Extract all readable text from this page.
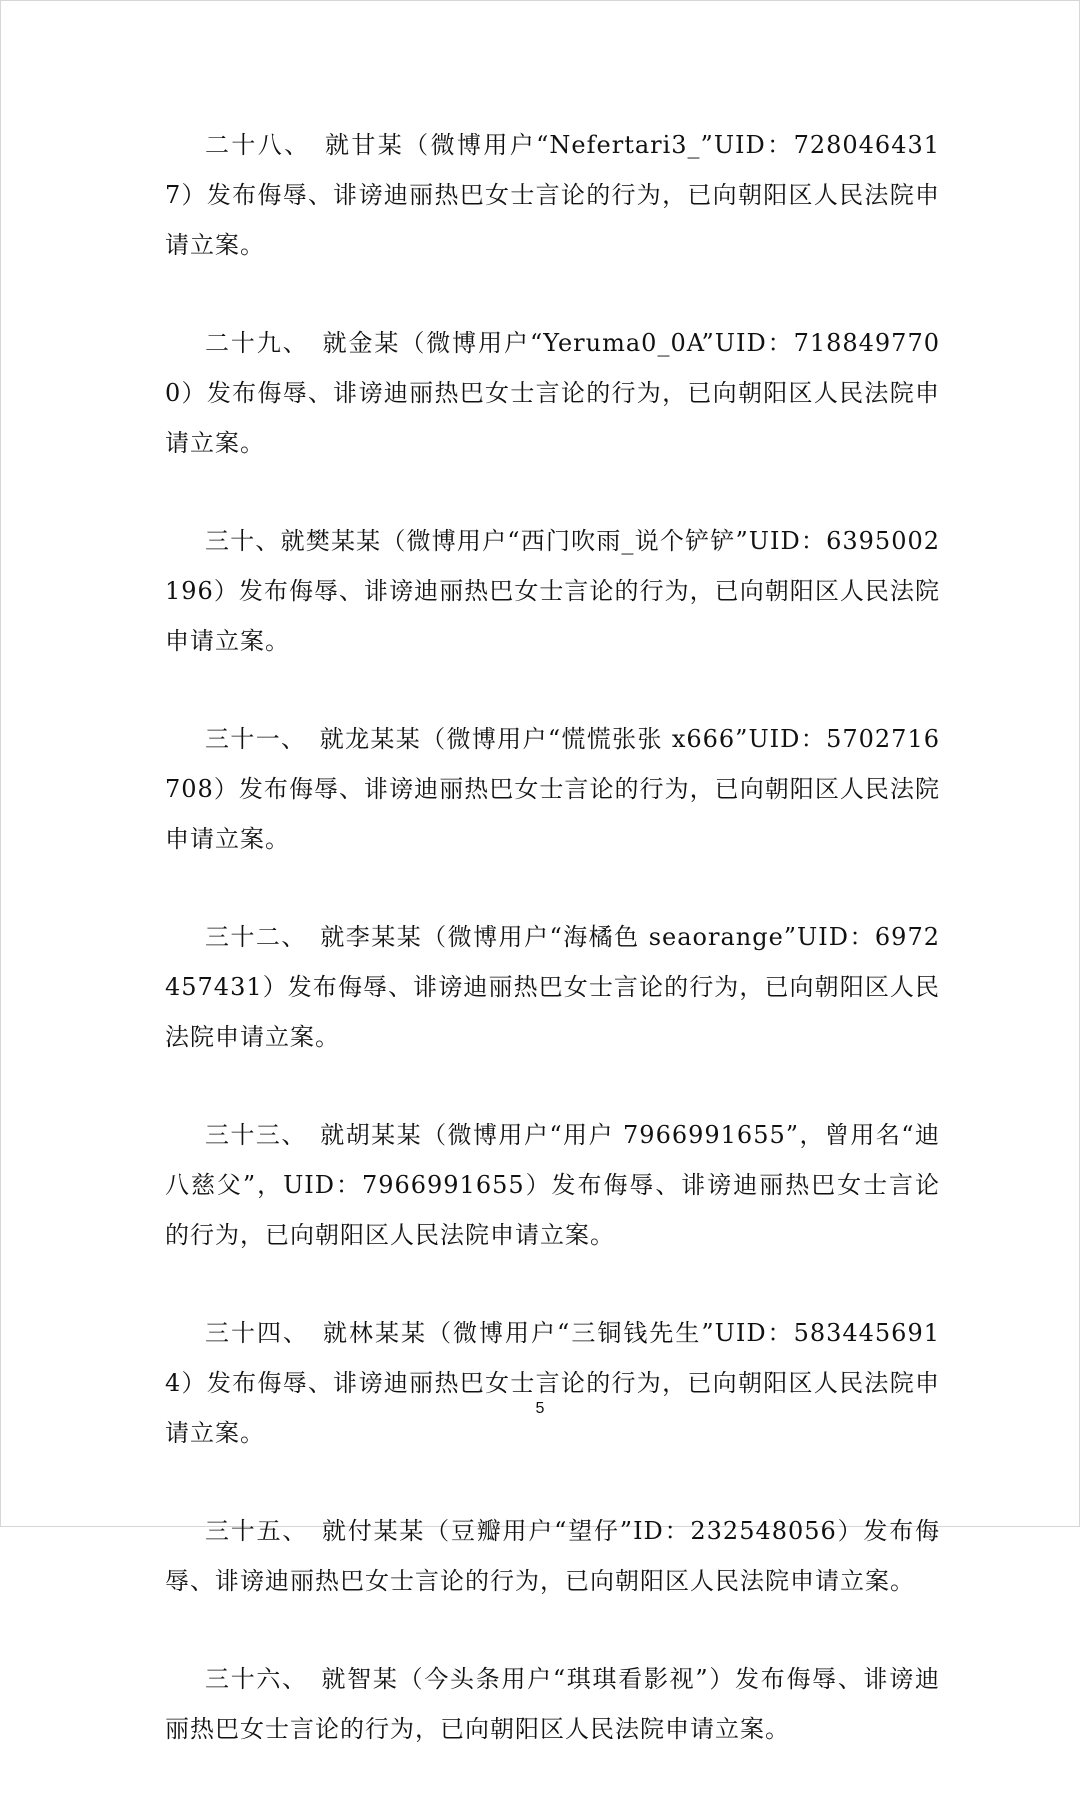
二十八、　就甘某（微博用户“Nefertari3_”UID：7280464317）发布侮辱、诽谤迪丽热巴女士言论的行为，已向朝阳区人民法院申请立案。

二十九、　就金某（微博用户“Yeruma0_0A”UID：7188497700）发布侮辱、诽谤迪丽热巴女士言论的行为，已向朝阳区人民法院申请立案。

三十、就樊某某（微博用户“西门吹雨_说个铲铲”UID：6395002196）发布侮辱、诽谤迪丽热巴女士言论的行为，已向朝阳区人民法院申请立案。

三十一、　就龙某某（微博用户“慌慌张张 x666”UID：5702716708）发布侮辱、诽谤迪丽热巴女士言论的行为，已向朝阳区人民法院申请立案。

三十二、　就李某某（微博用户“海橘色 seaorange”UID：6972457431）发布侮辱、诽谤迪丽热巴女士言论的行为，已向朝阳区人民法院申请立案。

三十三、　就胡某某（微博用户“用户 7966991655”，曾用名“迪八慈父”，UID：7966991655）发布侮辱、诽谤迪丽热巴女士言论的行为，已向朝阳区人民法院申请立案。

三十四、　就林某某（微博用户“三铜钱先生”UID：5834456914）发布侮辱、诽谤迪丽热巴女士言论的行为，已向朝阳区人民法院申请立案。

三十五、　就付某某（豆瓣用户“望仔”ID：232548056）发布侮辱、诽谤迪丽热巴女士言论的行为，已向朝阳区人民法院申请立案。

三十六、　就智某（今头条用户“琪琪看影视”）发布侮辱、诽谤迪丽热巴女士言论的行为，已向朝阳区人民法院申请立案。

5
